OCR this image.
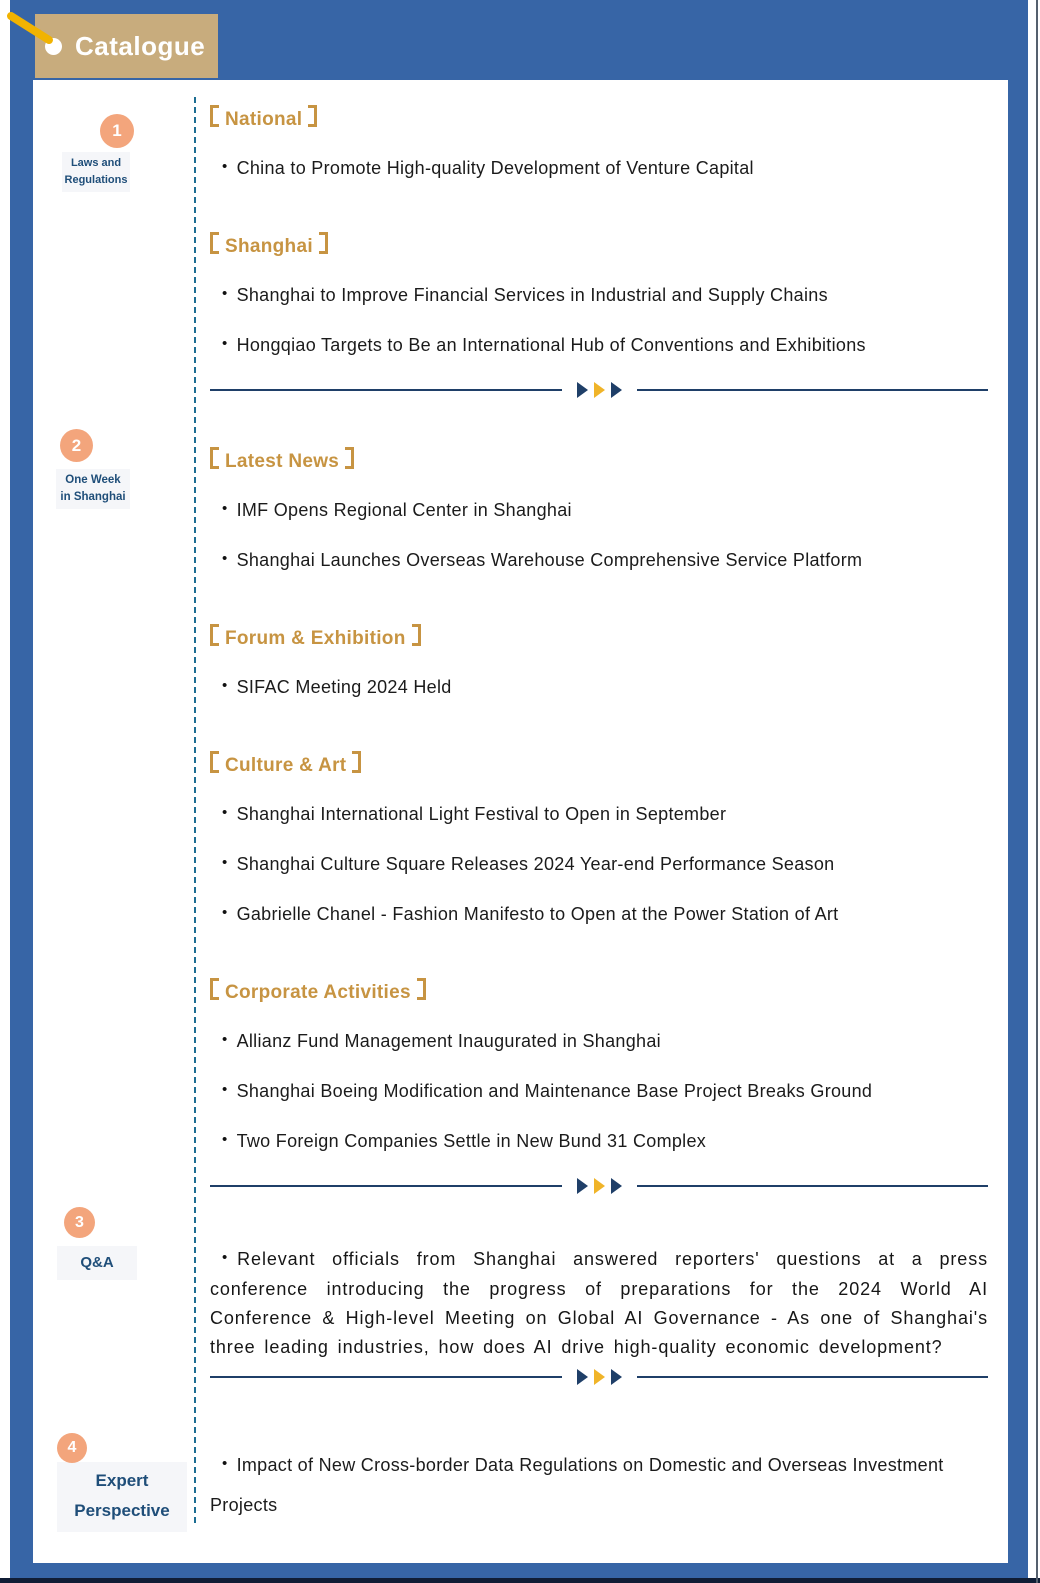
Catalogue
1
Laws and
Regulations
2
One Week
in Shanghai
3
Q&A
4
Expert
Perspective
National
• China to Promote High-quality Development of Venture Capital
Shanghai
• Shanghai to Improve Financial Services in Industrial and Supply Chains
• Hongqiao Targets to Be an International Hub of Conventions and Exhibitions
Latest News
• IMF Opens Regional Center in Shanghai
• Shanghai Launches Overseas Warehouse Comprehensive Service Platform
Forum & Exhibition
• SIFAC Meeting 2024 Held
Culture & Art
• Shanghai International Light Festival to Open in September
• Shanghai Culture Square Releases 2024 Year-end Performance Season
• Gabrielle Chanel - Fashion Manifesto to Open at the Power Station of Art
Corporate Activities
• Allianz Fund Management Inaugurated in Shanghai
• Shanghai Boeing Modification and Maintenance Base Project Breaks Ground
• Two Foreign Companies Settle in New Bund 31 Complex
• Relevant officials from Shanghai answered reporters' questions at a press conference introducing the progress of preparations for the 2024 World AI Conference & High-level Meeting on Global AI Governance - As one of Shanghai's three leading industries, how does AI drive high-quality economic development?
• Impact of New Cross-border Data Regulations on Domestic and Overseas Investment Projects
